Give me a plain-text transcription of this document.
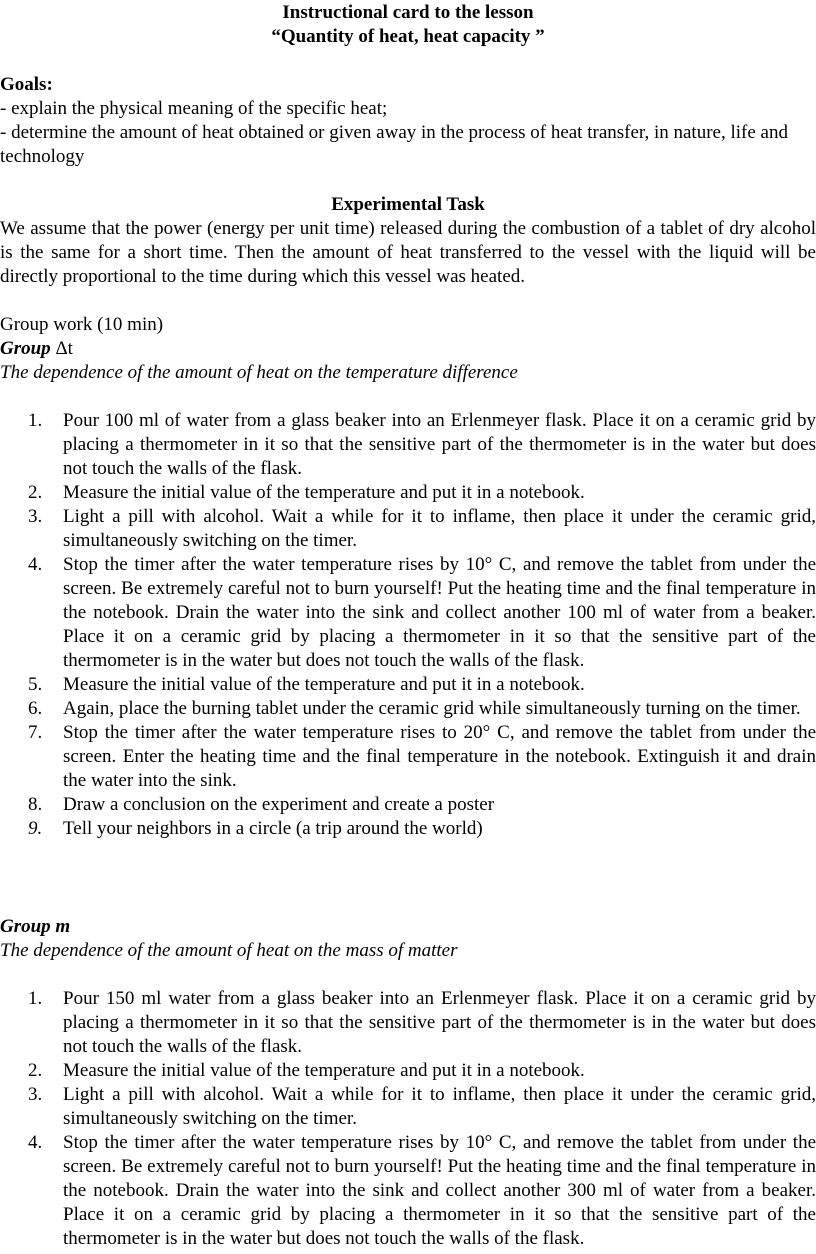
Instructional card to the lesson
“Quantity of heat, heat capacity ”
Goals:
- explain the physical meaning of the specific heat;
- determine the amount of heat obtained or given away in the process of heat transfer, in nature, life and technology
Experimental Task
We assume that the power (energy per unit time) released during the combustion of a tablet of dry alcohol is the same for a short time. Then the amount of heat transferred to the vessel with the liquid will be directly proportional to the time during which this vessel was heated.
Group work (10 min)
Group Δt
The dependence of the amount of heat on the temperature difference
1. Pour 100 ml of water from a glass beaker into an Erlenmeyer flask. Place it on a ceramic grid by placing a thermometer in it so that the sensitive part of the thermometer is in the water but does not touch the walls of the flask.
2. Measure the initial value of the temperature and put it in a notebook.
3. Light a pill with alcohol. Wait a while for it to inflame, then place it under the ceramic grid, simultaneously switching on the timer.
4. Stop the timer after the water temperature rises by 10° C, and remove the tablet from under the screen. Be extremely careful not to burn yourself! Put the heating time and the final temperature in the notebook. Drain the water into the sink and collect another 100 ml of water from a beaker. Place it on a ceramic grid by placing a thermometer in it so that the sensitive part of the thermometer is in the water but does not touch the walls of the flask.
5. Measure the initial value of the temperature and put it in a notebook.
6. Again, place the burning tablet under the ceramic grid while simultaneously turning on the timer.
7. Stop the timer after the water temperature rises to 20° C, and remove the tablet from under the screen. Enter the heating time and the final temperature in the notebook. Extinguish it and drain the water into the sink.
8. Draw a conclusion on the experiment and create a poster
9. Tell your neighbors in a circle (a trip around the world)
Group m
The dependence of the amount of heat on the mass of matter
1. Pour 150 ml water from a glass beaker into an Erlenmeyer flask. Place it on a ceramic grid by placing a thermometer in it so that the sensitive part of the thermometer is in the water but does not touch the walls of the flask.
2. Measure the initial value of the temperature and put it in a notebook.
3. Light a pill with alcohol. Wait a while for it to inflame, then place it under the ceramic grid, simultaneously switching on the timer.
4. Stop the timer after the water temperature rises by 10° C, and remove the tablet from under the screen. Be extremely careful not to burn yourself! Put the heating time and the final temperature in the notebook. Drain the water into the sink and collect another 300 ml of water from a beaker. Place it on a ceramic grid by placing a thermometer in it so that the sensitive part of the thermometer is in the water but does not touch the walls of the flask.
